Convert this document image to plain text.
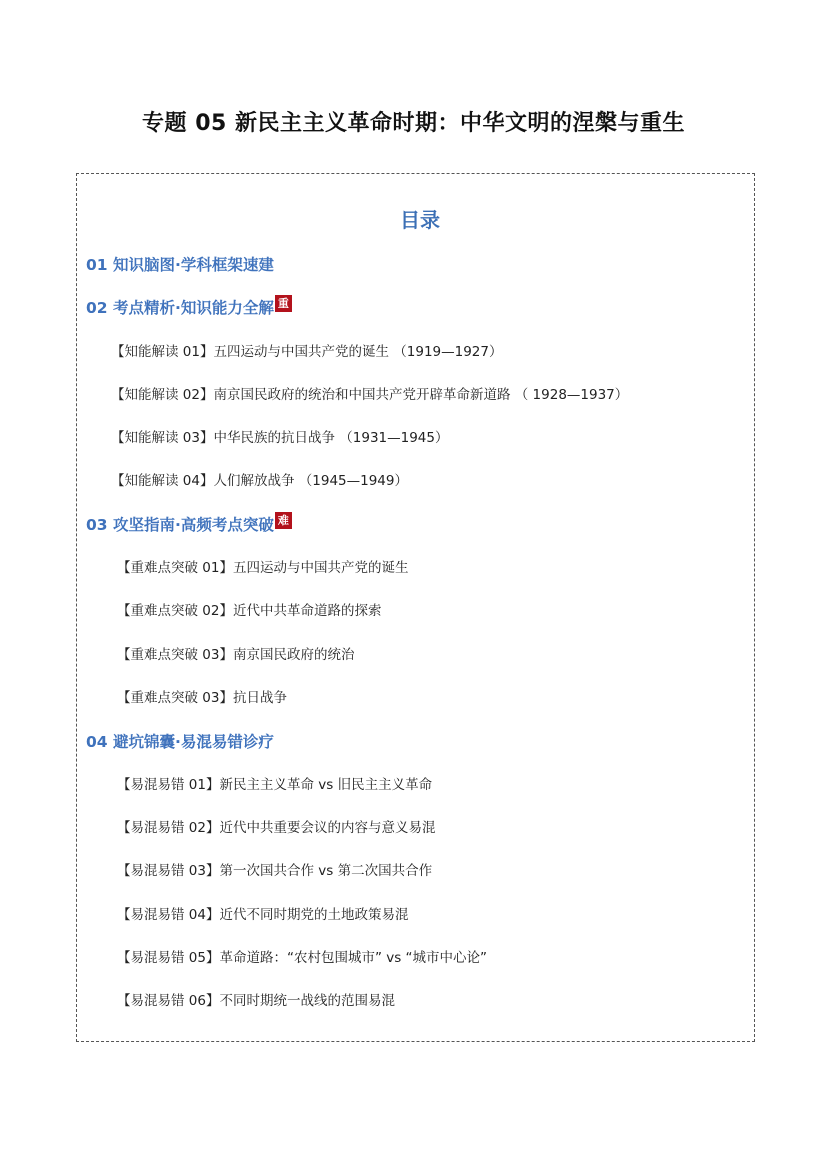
专题 05 新民主主义革命时期：中华文明的涅槃与重生
目录
01 知识脑图·学科框架速建
02 考点精析·知识能力全解 重
【知能解读 01】五四运动与中国共产党的诞生 （1919—1927）
【知能解读 02】南京国民政府的统治和中国共产党开辟革命新道路 （ 1928—1937）
【知能解读 03】中华民族的抗日战争 （1931—1945）
【知能解读 04】人们解放战争 （1945—1949）
03 攻坚指南·高频考点突破 难
【重难点突破 01】五四运动与中国共产党的诞生
【重难点突破 02】近代中共革命道路的探索
【重难点突破 03】南京国民政府的统治
【重难点突破 03】抗日战争
04 避坑锦囊·易混易错诊疗
【易混易错 01】新民主主义革命 vs 旧民主主义革命
【易混易错 02】近代中共重要会议的内容与意义易混
【易混易错 03】第一次国共合作 vs 第二次国共合作
【易混易错 04】近代不同时期党的土地政策易混
【易混易错 05】革命道路：“农村包围城市” vs “城市中心论”
【易混易错 06】不同时期统一战线的范围易混
